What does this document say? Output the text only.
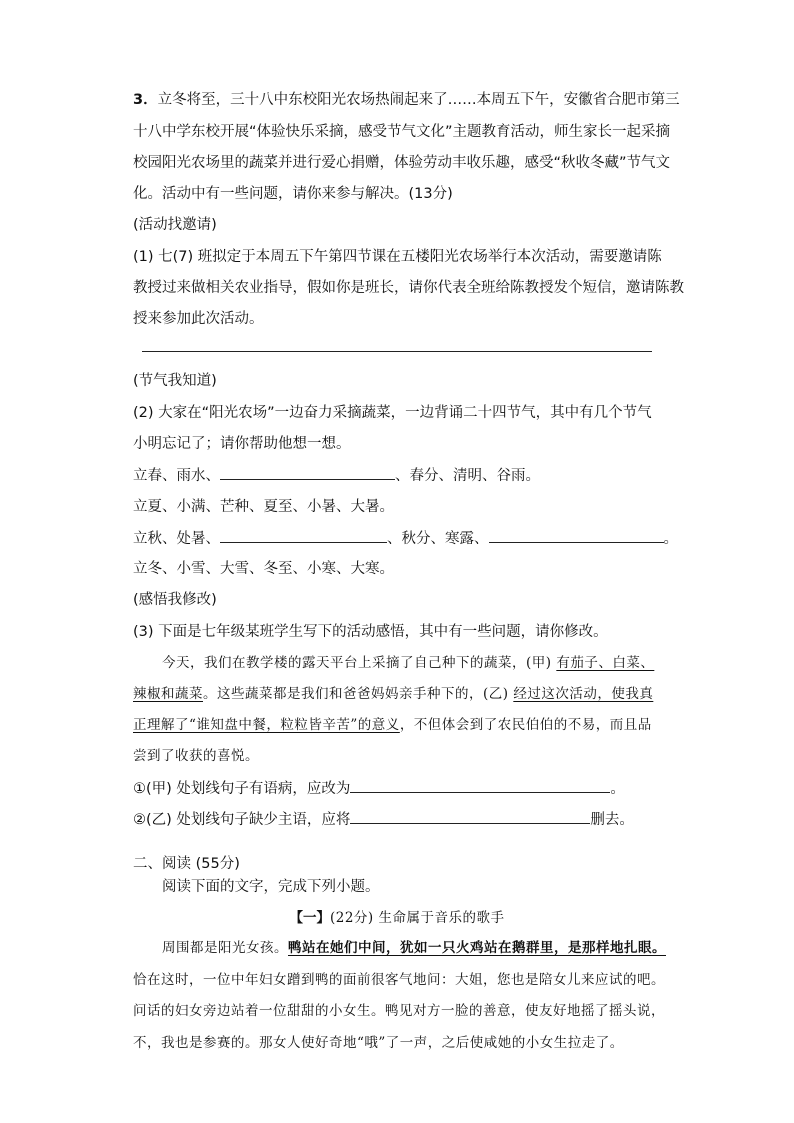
3．立冬将至，三十八中东校阳光农场热闹起来了……本周五下午，安徽省合肥市第三
十八中学东校开展“体验快乐采摘，感受节气文化”主题教育活动，师生家长一起采摘
校园阳光农场里的蔬菜并进行爱心捐赠，体验劳动丰收乐趣，感受“秋收冬藏”节气文
化。活动中有一些问题，请你来参与解决。(13分)
(活动找邀请)
(1) 七(7) 班拟定于本周五下午第四节课在五楼阳光农场举行本次活动，需要邀请陈
教授过来做相关农业指导，假如你是班长，请你代表全班给陈教授发个短信，邀请陈教
授来参加此次活动。
(节气我知道)
(2) 大家在“阳光农场”一边奋力采摘蔬菜，一边背诵二十四节气，其中有几个节气
小明忘记了；请你帮助他想一想。
立春、雨水、	、春分、清明、谷雨。
立夏、小满、芒种、夏至、小暑、大暑。
立秋、处暑、	、秋分、寒露、	。
立冬、小雪、大雪、冬至、小寒、大寒。
(感悟我修改)
(3) 下面是七年级某班学生写下的活动感悟，其中有一些问题，请你修改。
今天，我们在教学楼的露天平台上采摘了自己种下的蔬菜，(甲) 有茄子、白菜、
辣椒和蔬菜。这些蔬菜都是我们和爸爸妈妈亲手种下的，(乙) 经过这次活动，使我真
正理解了“谁知盘中餐，粒粒皆辛苦”的意义，不但体会到了农民伯伯的不易，而且品
尝到了收获的喜悦。
①(甲) 处划线句子有语病，应改为	。
②(乙) 处划线句子缺少主语，应将	删去。
二、阅读 (55分)
阅读下面的文字，完成下列小题。
【一】(22分) 生命属于音乐的歌手
周围都是阳光女孩。鸭站在她们中间，犹如一只火鸡站在鹅群里，是那样地扎眼。
恰在这时，一位中年妇女蹭到鸭的面前很客气地问：大姐，您也是陪女儿来应试的吧。
问话的妇女旁边站着一位甜甜的小女生。鸭见对方一脸的善意，使友好地摇了摇头说，
不，我也是参赛的。那女人使好奇地“哦”了一声，之后使咸她的小女生拉走了。
